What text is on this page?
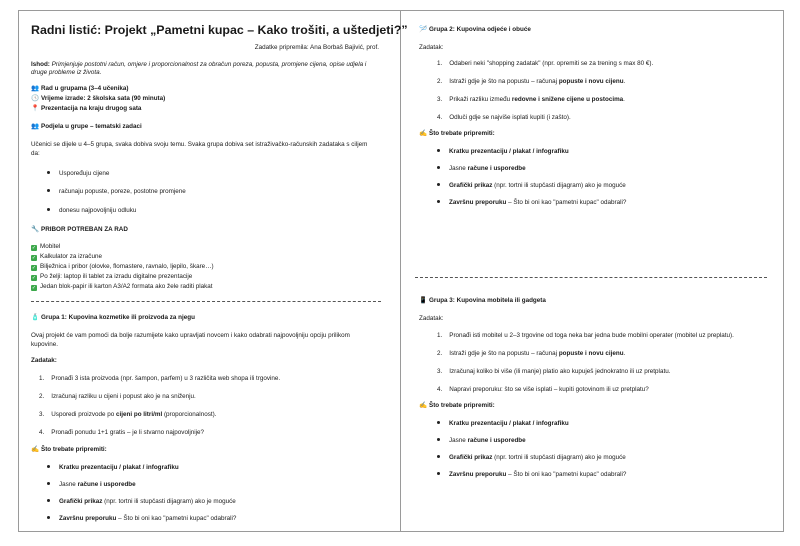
Radni listić: Projekt „Pametni kupac – Kako trošiti, a uštedjeti?”
Zadatke pripremila: Ana Borbaš Bajivić, prof.
Ishod: Primjenjuje postotni račun, omjere i proporcionalnost za obračun poreza, popusta, promjene cijena, opise udjela i druge probleme iz života.
👥 Rad u grupama (3–4 učenika)
🕓 Vrijeme izrade: 2 školska sata (90 minuta)
📍 Prezentacija na kraju drugog sata
👥 Podjela u grupe – tematski zadaci
Učenici se dijele u 4–5 grupa, svaka dobiva svoju temu. Svaka grupa dobiva set istraživačko-računskih zadataka s ciljem da:
Uspoređuju cijene
računaju popuste, poreze, postotne promjene
donesu najpovoljniju odluku
🔧 PRIBOR POTREBAN ZA RAD
✓ Mobitel
✓ Kalkulator za izračune
✓ Bilježnica i pribor (olovke, flomastere, ravnalo, ljepilo, škare…)
✓ Po želji: laptop ili tablet za izradu digitalne prezentacije
✓ Jedan blok-papir ili karton A3/A2 formata ako žele raditi plakat
🧴 Grupa 1: Kupovina kozmetike ili proizvoda za njegu
Ovaj projekt će vam pomoći da bolje razumijete kako upravljati novcem i kako odabrati najpovoljniju opciju prilikom kupovine.
Zadatak:
1.    Pronađi 3 ista proizvoda (npr. šampon, parfem) u 3 različita web shopa ili trgovine.
2.    Izračunaj razliku u cijeni i popust ako je na sniženju.
3.    Usporedi proizvode po cijeni po litri/ml (proporcionalnost).
4.    Pronađi ponudu 1+1 gratis – je li stvarno najpovoljnije?
✍️ Što trebate pripremiti:
Kratku prezentaciju / plakat / infografiku
Jasne račune i usporedbe
Grafički prikaz (npr. tortni ili stupčasti dijagram) ako je moguće
Završnu preporuku – Što bi oni kao "pametni kupac" odabrali?
🪡 Grupa 2: Kupovina odjeće i obuće
Zadatak:
1.    Odaberi neki "shopping zadatak" (npr. opremiti se za trening s max 80 €).
2.    Istraži gdje je što na popustu – računaj popuste i novu cijenu.
3.    Prikaži razliku između redovne i snižene cijene u postocima.
4.    Odluči gdje se najviše isplati kupiti (i zašto).
✍️ Što trebate pripremiti:
Kratku prezentaciju / plakat / infografiku
Jasne račune i usporedbe
Grafički prikaz (npr. tortni ili stupčasti dijagram) ako je moguće
Završnu preporuku – Što bi oni kao "pametni kupac" odabrali?
📱 Grupa 3: Kupovina mobitela ili gadgeta
Zadatak:
1.    Pronađi isti mobitel u 2–3 trgovine od toga neka bar jedna bude mobilni operater (mobitel uz preplatu).
2.    Istraži gdje je što na popustu – računaj popuste i novu cijenu.
3.    Izračunaj koliko bi više (ili manje) platio ako kupuješ jednokratno ili uz pretplatu.
4.    Napravi preporuku: što se više isplati – kupiti gotovinom ili uz pretplatu?
✍️ Što trebate pripremiti:
Kratku prezentaciju / plakat / infografiku
Jasne račune i usporedbe
Grafički prikaz (npr. tortni ili stupčasti dijagram) ako je moguće
Završnu preporuku – Što bi oni kao "pametni kupac" odabrali?
